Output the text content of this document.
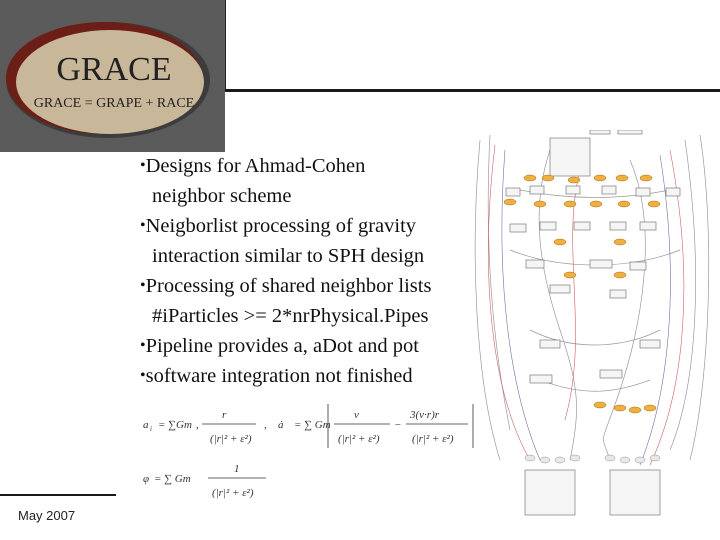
GRACE
GRACE = GRAPE + RACE
• Designs for Ahmad-Cohen
neighbor scheme
• Neigborlist processing of gravity
interaction similar to SPH design
• Processing of shared neighbor lists
#iParticles >= 2*nrPhysical.Pipes
• Pipeline provides a, aDot and pot
• software integration not finished
a i = ∑ Gm ,
r
(|r|² + ε²)
, ȧ = ∑ Gm
v
(|r|² + ε²)
−
3(v·r)r
(|r|² + ε²)
φ = ∑ Gm
1
(|r|² + ε²)
May 2007
